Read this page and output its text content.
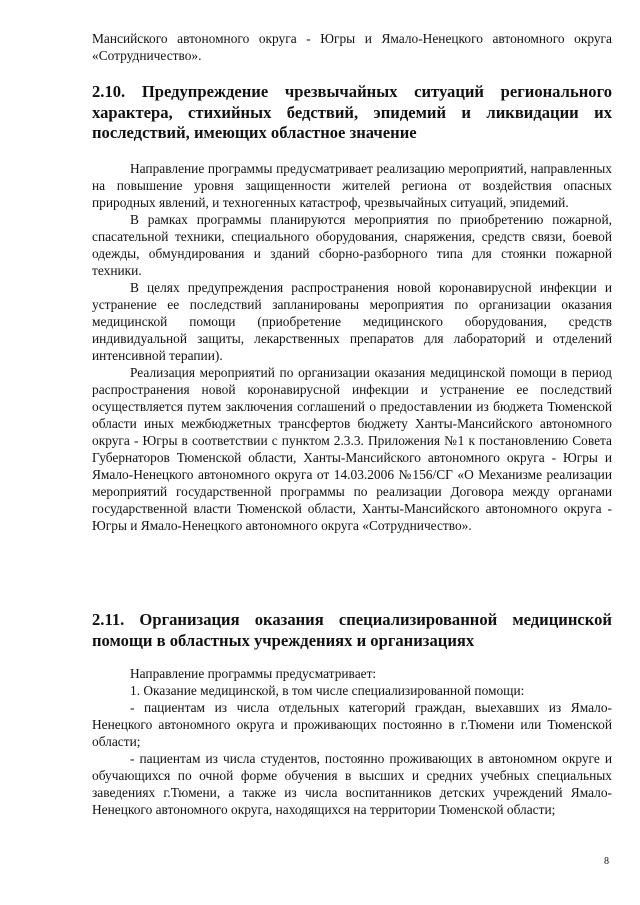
Мансийского автономного округа - Югры и Ямало-Ненецкого автономного округа «Сотрудничество».

2.10. Предупреждение чрезвычайных ситуаций регионального характера, стихийных бедствий, эпидемий и ликвидации их последствий, имеющих областное значение

Направление программы предусматривает реализацию мероприятий, направленных на повышение уровня защищенности жителей региона от воздействия опасных природных явлений, и техногенных катастроф, чрезвычайных ситуаций, эпидемий.

В рамках программы планируются мероприятия по приобретению пожарной, спасательной техники, специального оборудования, снаряжения, средств связи, боевой одежды, обмундирования и зданий сборно-разборного типа для стоянки пожарной техники.

В целях предупреждения распространения новой коронавирусной инфекции и устранение ее последствий запланированы мероприятия по организации оказания медицинской помощи (приобретение медицинского оборудования, средств индивидуальной защиты, лекарственных препаратов для лабораторий и отделений интенсивной терапии).

Реализация мероприятий по организации оказания медицинской помощи в период распространения новой коронавирусной инфекции и устранение ее последствий осуществляется путем заключения соглашений о предоставлении из бюджета Тюменской области иных межбюджетных трансфертов бюджету Ханты-Мансийского автономного округа - Югры в соответствии с пунктом 2.3.3. Приложения №1 к постановлению Совета Губернаторов Тюменской области, Ханты-Мансийского автономного округа - Югры и Ямало-Ненецкого автономного округа от 14.03.2006 №156/СГ «О Механизме реализации мероприятий государственной программы по реализации Договора между органами государственной власти Тюменской области, Ханты-Мансийского автономного округа - Югры и Ямало-Ненецкого автономного округа «Сотрудничество».

2.11. Организация оказания специализированной медицинской помощи в областных учреждениях и организациях

Направление программы предусматривает:

1. Оказание медицинской, в том числе специализированной помощи:

- пациентам из числа отдельных категорий граждан, выехавших из Ямало-Ненецкого автономного округа и проживающих постоянно в г.Тюмени или Тюменской области;

- пациентам из числа студентов, постоянно проживающих в автономном округе и обучающихся по очной форме обучения в высших и средних учебных специальных заведениях г.Тюмени, а также из числа воспитанников детских учреждений Ямало-Ненецкого автономного округа, находящихся на территории Тюменской области;

8
